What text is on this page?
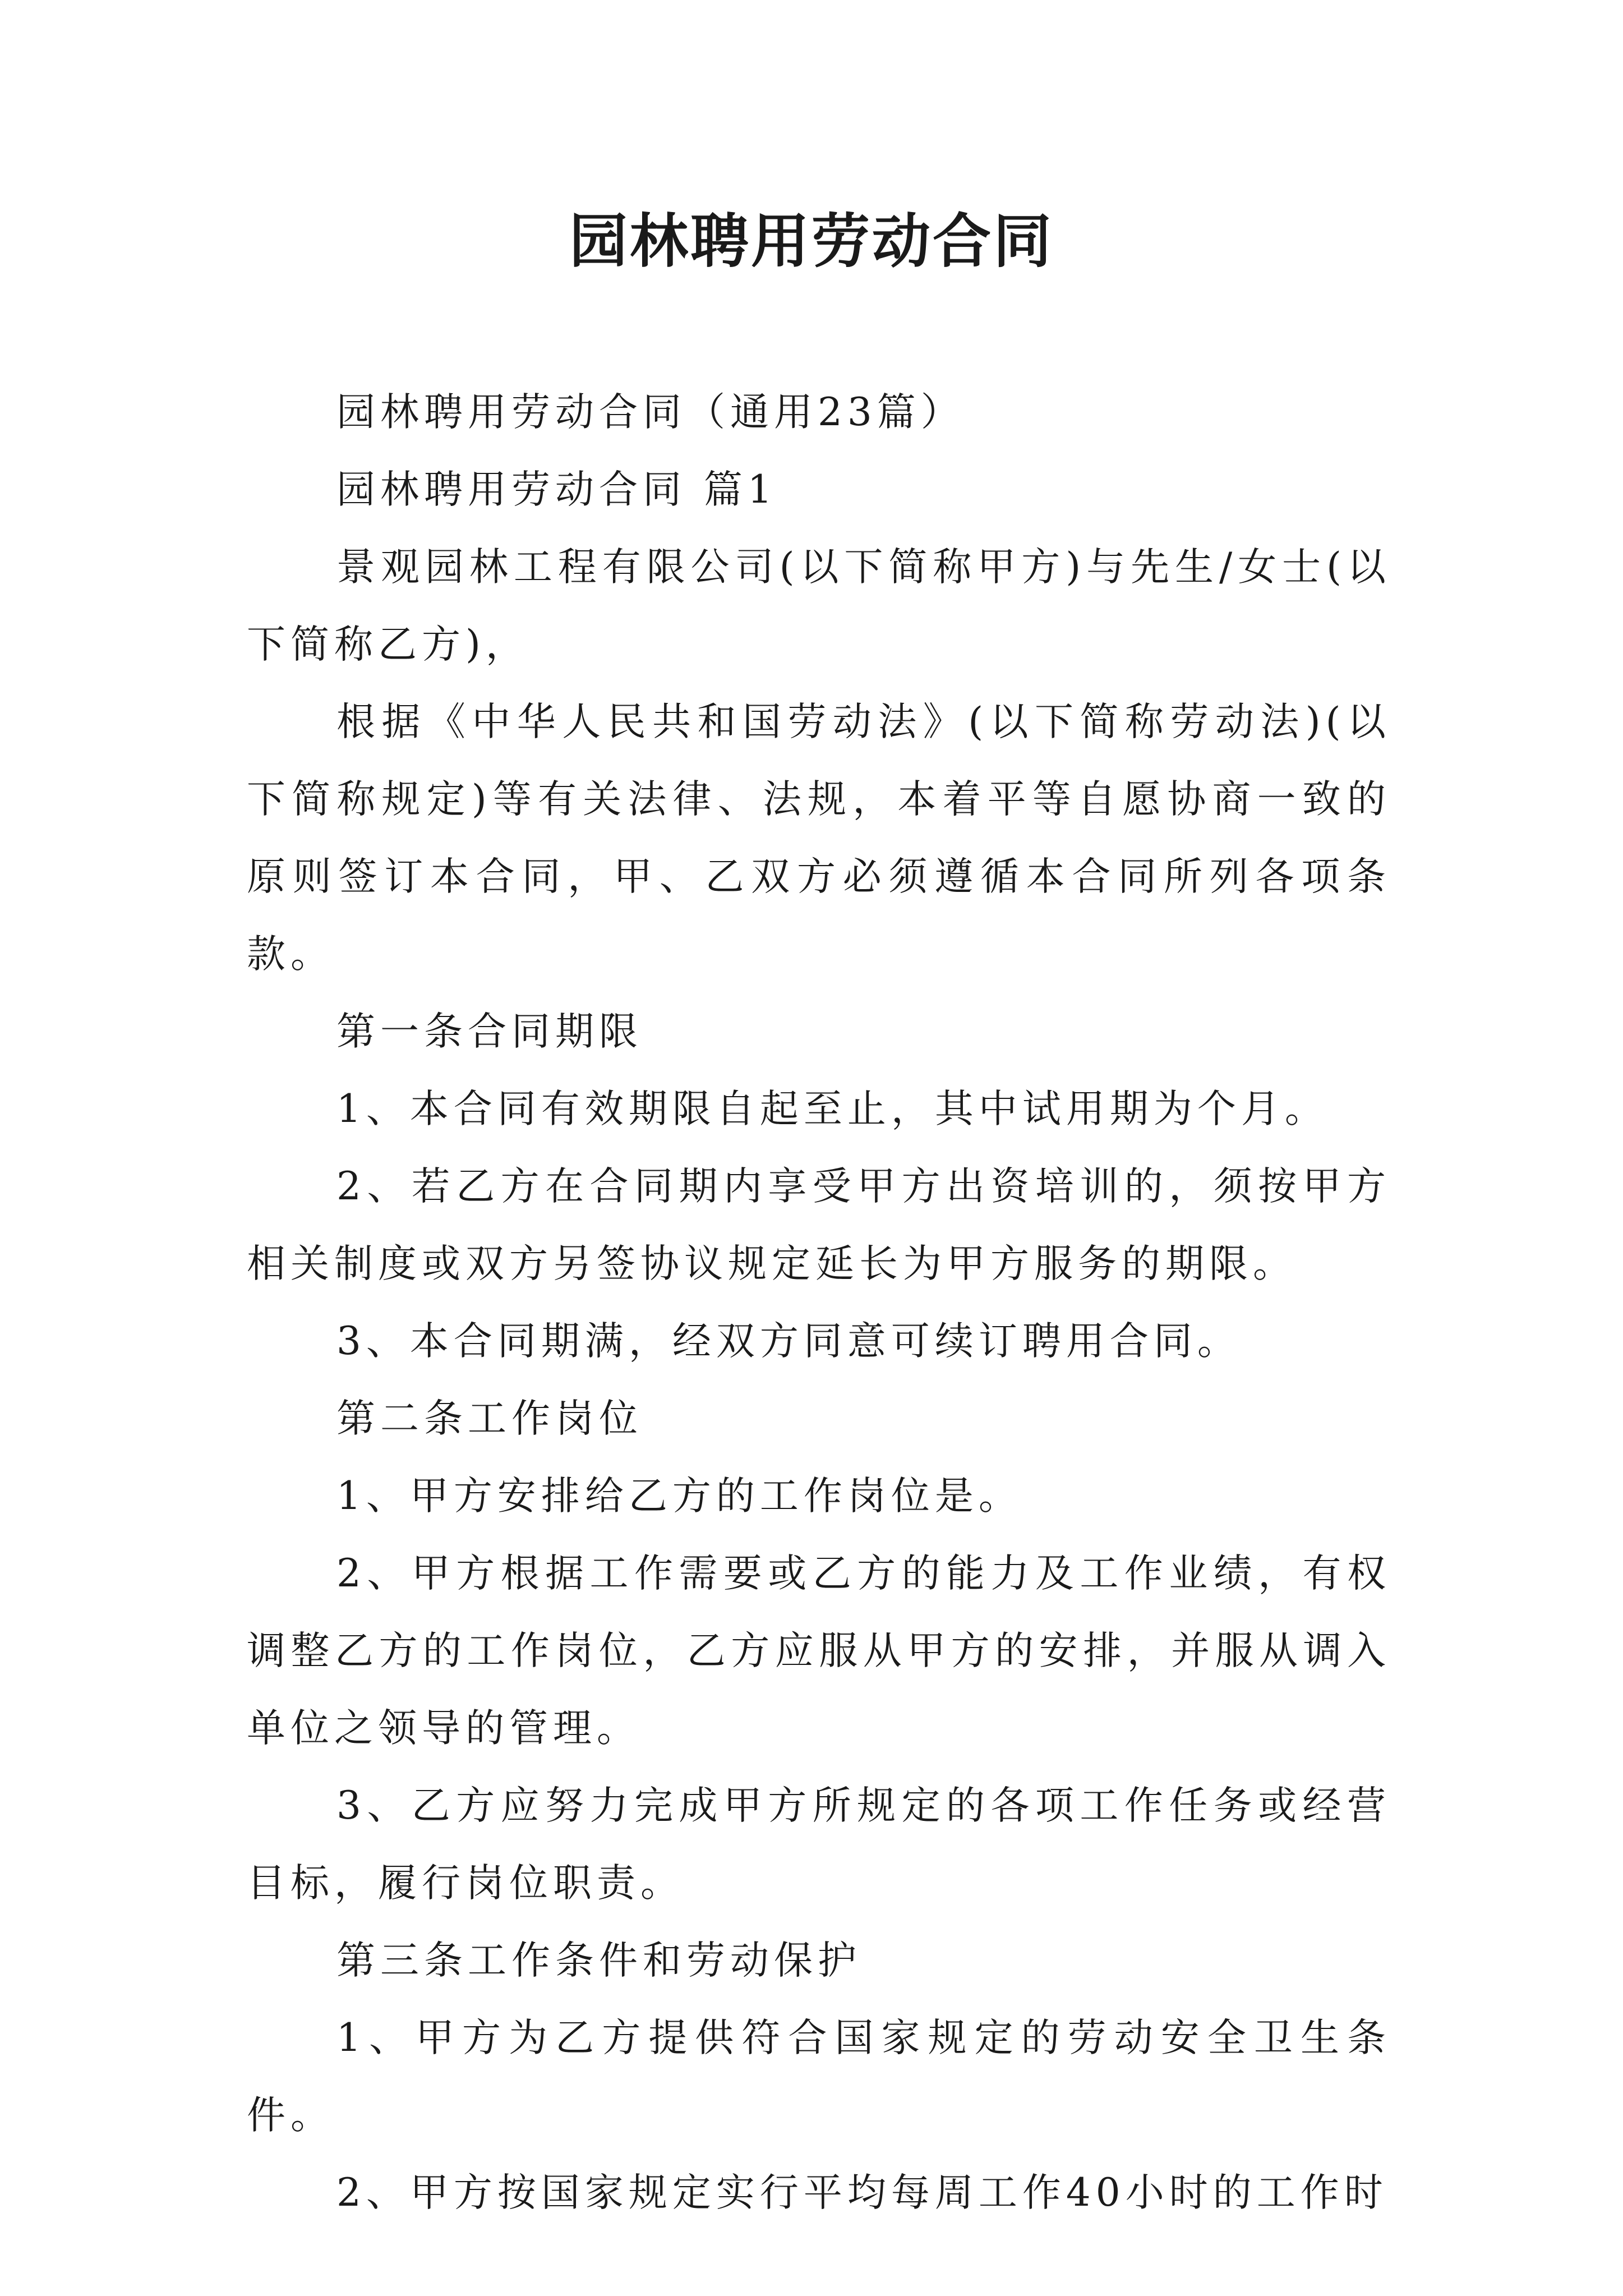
园林聘用劳动合同

园林聘用劳动合同（通用23篇）

园林聘用劳动合同 篇1

景观园林工程有限公司(以下简称甲方)与先生/女士(以下简称乙方)，

根据《中华人民共和国劳动法》(以下简称劳动法)(以下简称规定)等有关法律、法规，本着平等自愿协商一致的原则签订本合同，甲、乙双方必须遵循本合同所列各项条款。

第一条合同期限

1、本合同有效期限自起至止，其中试用期为个月。

2、若乙方在合同期内享受甲方出资培训的，须按甲方相关制度或双方另签协议规定延长为甲方服务的期限。

3、本合同期满，经双方同意可续订聘用合同。

第二条工作岗位

1、甲方安排给乙方的工作岗位是。

2、甲方根据工作需要或乙方的能力及工作业绩，有权调整乙方的工作岗位，乙方应服从甲方的安排，并服从调入单位之领导的管理。

3、乙方应努力完成甲方所规定的各项工作任务或经营目标，履行岗位职责。

第三条工作条件和劳动保护

1、甲方为乙方提供符合国家规定的劳动安全卫生条件。

2、甲方按国家规定实行平均每周工作40小时的工作时
